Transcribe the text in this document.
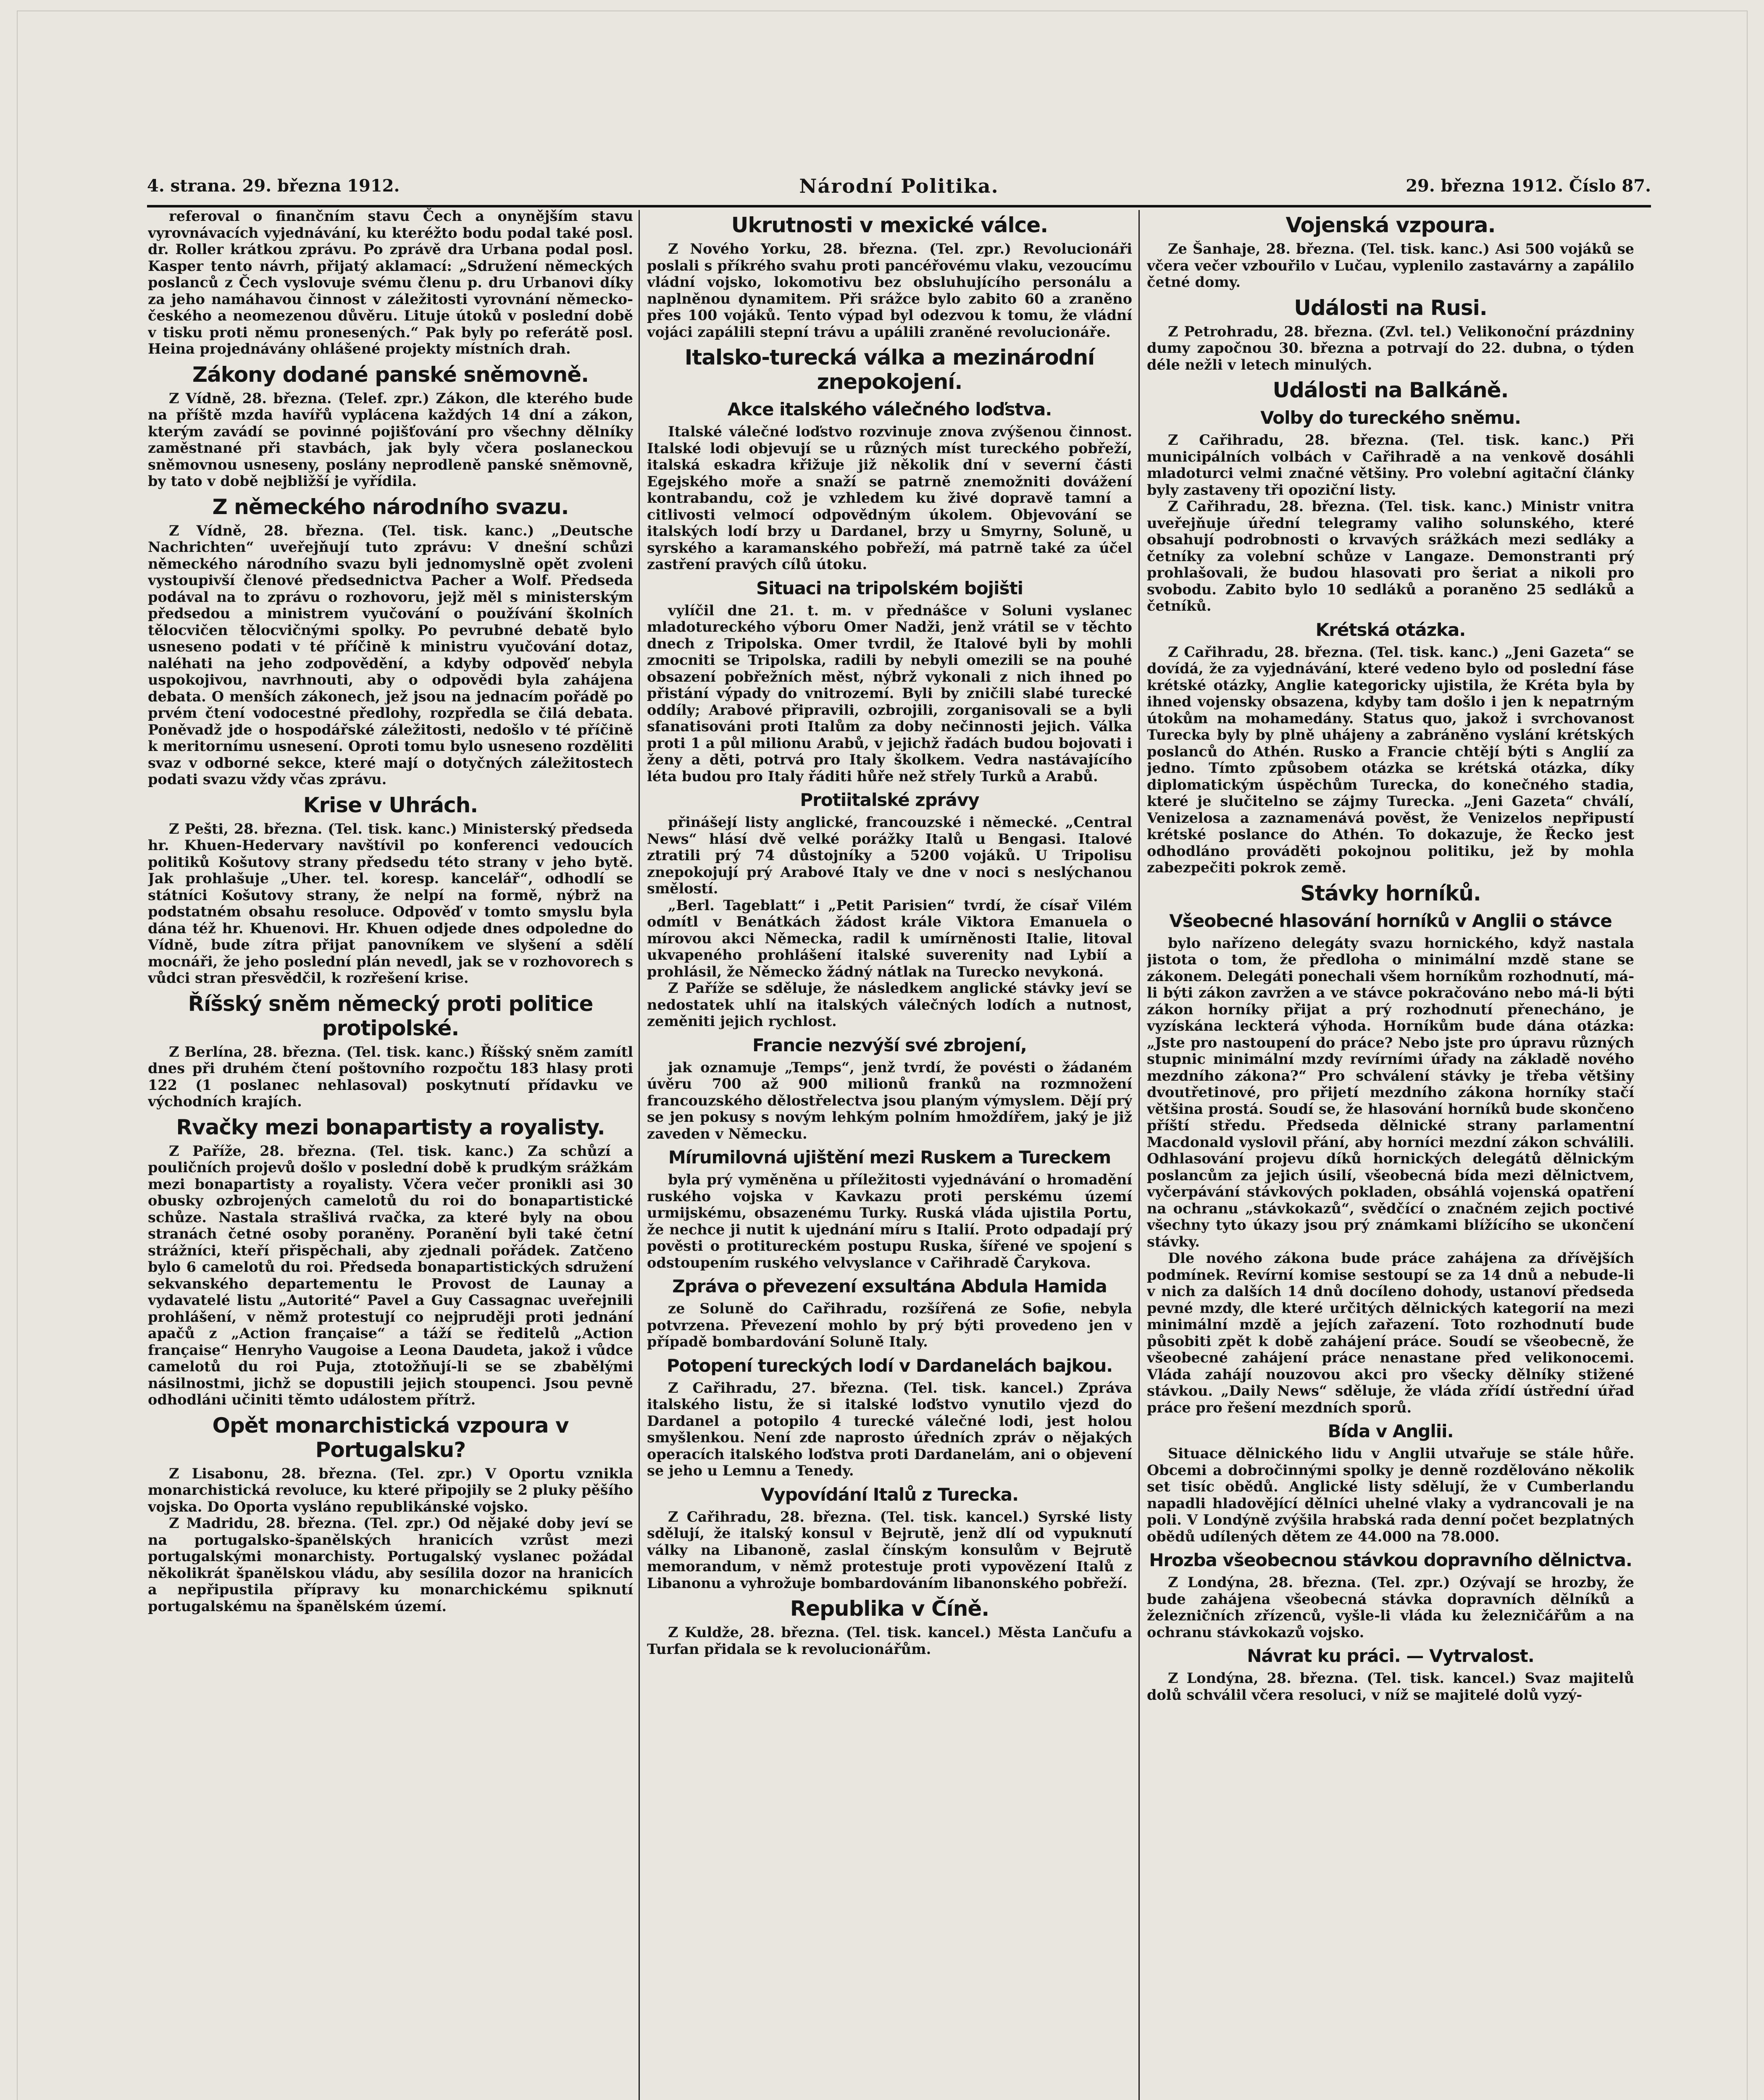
4. strana. 29. března 1912.	Národní Politika.	29. března 1912. Číslo 87.

referoval o finančním stavu Čech a onynějším stavu vyrovnávacích vyjednávání, ku kteréžto bodu podal také posl. dr. Roller krátkou zprávu. Po zprávě dra Urbana podal posl. Kasper tento návrh, přijatý aklamací: „Sdružení německých poslanců z Čech vyslovuje svému členu p. dru Urbanovi díky za jeho namáhavou činnost v záležitosti vyrovnání německo-českého a neomezenou důvěru. Lituje útoků v poslední době v tisku proti němu pronesených.“ Pak byly po referátě posl. Heina projednávány ohlášené projekty místních drah.

Zákony dodané panské sněmovně.

Z Vídně, 28. března. (Telef. zpr.) Zákon, dle kterého bude na příště mzda havířů vyplácena každých 14 dní a zákon, kterým zavádí se povinné pojišťování pro všechny dělníky zaměstnané při stavbách, jak byly včera poslaneckou sněmovnou usneseny, poslány neprodleně panské sněmovně, by tato v době nejbližší je vyřídila.

Z německého národního svazu.

Z Vídně, 28. března. (Tel. tisk. kanc.) „Deutsche Nachrichten“ uveřejňují tuto zprávu: V dnešní schůzi německého národního svazu byli jednomyslně opět zvoleni vystoupivší členové předsednictva Pacher a Wolf. Předseda podával na to zprávu o rozhovoru, jejž měl s ministerským předsedou a ministrem vyučování o používání školních tělocvičen tělocvičnými spolky. Po pevrubné debatě bylo usneseno podati v té příčině k ministru vyučování dotaz, naléhati na jeho zodpovědění, a kdyby odpověď nebyla uspokojivou, navrhnouti, aby o odpovědi byla zahájena debata. O menších zákonech, jež jsou na jednacím pořádě po prvém čtení vodocestné předlohy, rozpředla se čilá debata. Poněvadž jde o hospodářské záležitosti, nedošlo v té příčině k meritornímu usnesení. Oproti tomu bylo usneseno rozděliti svaz v odborné sekce, které mají o dotyčných záležitostech podati svazu vždy včas zprávu.

Krise v Uhrách.

Z Pešti, 28. března. (Tel. tisk. kanc.) Ministerský předseda hr. Khuen-Hedervary navštívil po konferenci vedoucích politiků Košutovy strany předsedu této strany v jeho bytě. Jak prohlašuje „Uher. tel. koresp. kancelář“, odhodlí se státníci Košutovy strany, že nelpí na formě, nýbrž na podstatném obsahu resoluce. Odpověď v tomto smyslu byla dána též hr. Khuenovi. Hr. Khuen odjede dnes odpoledne do Vídně, bude zítra přijat panovníkem ve slyšení a sdělí mocnáři, že jeho poslední plán nevedl, jak se v rozhovorech s vůdci stran přesvědčil, k rozřešení krise.

Říšský sněm německý proti politice protipolské.

Z Berlína, 28. března. (Tel. tisk. kanc.) Říšský sněm zamítl dnes při druhém čtení poštovního rozpočtu 183 hlasy proti 122 (1 poslanec nehlasoval) poskytnutí přídavku ve východních krajích.

Rvačky mezi bonapartisty a royalisty.

Z Paříže, 28. března. (Tel. tisk. kanc.) Za schůzí a pouličních projevů došlo v poslední době k prudkým srážkám mezi bonapartisty a royalisty. Včera večer pronikli asi 30 obusky ozbrojených camelotů du roi do bonapartistické schůze. Nastala strašlivá rvačka, za které byly na obou stranách četné osoby poraněny. Poranění byli také četní strážníci, kteří přispěchali, aby zjednali pořádek. Zatčeno bylo 6 camelotů du roi. Předseda bonapartistických sdružení sekvanského departementu le Provost de Launay a vydavatelé listu „Autorité“ Pavel a Guy Cassagnac uveřejnili prohlášení, v němž protestují co nejpruději proti jednání apačů z „Action française“ a táží se ředitelů „Action française“ Henryho Vaugoise a Leona Daudeta, jakož i vůdce camelotů du roi Puja, ztotožňují-li se se zbabělými násilnostmi, jichž se dopustili jejich stoupenci. Jsou pevně odhodláni učiniti těmto událostem přítrž.

Opět monarchistická vzpoura v Portugalsku?

Z Lisabonu, 28. března. (Tel. zpr.) V Oportu vznikla monarchistická revoluce, ku které připojily se 2 pluky pěšího vojska. Do Oporta vysláno republikánské vojsko.

Z Madridu, 28. března. (Tel. zpr.) Od nějaké doby jeví se na portugalsko-španělských hranicích vzrůst mezi portugalskými monarchisty. Portugalský vyslanec požádal několikrát španělskou vládu, aby sesílila dozor na hranicích a nepřipustila přípravy ku monarchickému spiknutí portugalskému na španělském území.

Ukrutnosti v mexické válce.

Z Nového Yorku, 28. března. (Tel. zpr.) Revolucionáři poslali s příkrého svahu proti pancéřovému vlaku, vezoucímu vládní vojsko, lokomotivu bez obsluhujícího personálu a naplněnou dynamitem. Při srážce bylo zabito 60 a zraněno přes 100 vojáků. Tento výpad byl odezvou k tomu, že vládní vojáci zapálili stepní trávu a upálili zraněné revolucionáře.

Italsko-turecká válka a mezinárodní znepokojení.
Akce italského válečného loďstva.

Italské válečné loďstvo rozvinuje znova zvýšenou činnost. Italské lodi objevují se u různých míst tureckého pobřeží, italská eskadra křižuje již několik dní v severní části Egejského moře a snaží se patrně znemožniti dovážení kontrabandu, což je vzhledem ku živé dopravě tamní a citlivosti velmocí odpovědným úkolem. Objevování se italských lodí brzy u Dardanel, brzy u Smyrny, Soluně, u syrského a karamanského pobřeží, má patrně také za účel zastření pravých cílů útoku.

Situaci na tripolském bojišti

vylíčil dne 21. t. m. v přednášce v Soluni vyslanec mladotureckého výboru Omer Nadži, jenž vrátil se v těchto dnech z Tripolska. Omer tvrdil, že Italové byli by mohli zmocniti se Tripolska, radili by nebyli omezili se na pouhé obsazení pobřežních měst, nýbrž vykonali z nich ihned po přistání výpady do vnitrozemí. Byli by zničili slabé turecké oddíly; Arabové připravili, ozbrojili, zorganisovali se a byli sfanatisováni proti Italům za doby nečinnosti jejich. Válka proti 1 a půl milionu Arabů, v jejichž řadách budou bojovati i ženy a děti, potrvá pro Italy školkem. Vedra nastávajícího léta budou pro Italy řáditi hůře než střely Turků a Arabů.

Protiitalské zprávy

přinášejí listy anglické, francouzské i německé. „Central News“ hlásí dvě velké porážky Italů u Bengasi. Italové ztratili prý 74 důstojníky a 5200 vojáků. U Tripolisu znepokojují prý Arabové Italy ve dne v noci s neslýchanou smělostí.

„Berl. Tageblatt“ i „Petit Parisien“ tvrdí, že císař Vilém odmítl v Benátkách žádost krále Viktora Emanuela o mírovou akci Německa, radil k umírněnosti Italie, litoval ukvapeného prohlášení italské suverenity nad Lybií a prohlásil, že Německo žádný nátlak na Turecko nevykoná.

Z Paříže se sděluje, že následkem anglické stávky jeví se nedostatek uhlí na italských válečných lodích a nutnost, zeměniti jejich rychlost.

Francie nezvýší své zbrojení,

jak oznamuje „Temps“, jenž tvrdí, že povésti o žádaném úvěru 700 až 900 milionů franků na rozmnožení francouzského dělostřelectva jsou planým výmyslem. Dějí prý se jen pokusy s novým lehkým polním hmoždířem, jaký je již zaveden v Německu.

Mírumilovná ujištění mezi Ruskem a Tureckem

byla prý vyměněna u příležitosti vyjednávání o hromadění ruského vojska v Kavkazu proti perskému území urmijskému, obsazenému Turky. Ruská vláda ujistila Portu, že nechce ji nutit k ujednání míru s Italií. Proto odpadají prý pověsti o protitureckém postupu Ruska, šířené ve spojení s odstoupením ruského velvyslance v Cařihradě Čarykova.

Zpráva o převezení exsultána Abdula Hamida

ze Soluně do Cařihradu, rozšířená ze Sofie, nebyla potvrzena. Převezení mohlo by prý býti provedeno jen v případě bombardování Soluně Italy.

Potopení tureckých lodí v Dardanelách bajkou.

Z Cařihradu, 27. března. (Tel. tisk. kancel.) Zpráva italského listu, že si italské loďstvo vynutilo vjezd do Dardanel a potopilo 4 turecké válečné lodi, jest holou smyšlenkou. Není zde naprosto úředních zpráv o nějakých operacích italského loďstva proti Dardanelám, ani o objevení se jeho u Lemnu a Tenedy.

Vypovídání Italů z Turecka.

Z Cařihradu, 28. března. (Tel. tisk. kancel.) Syrské listy sdělují, že italský konsul v Bejrutě, jenž dlí od vypuknutí války na Libanoně, zaslal čínským konsulům v Bejrutě memorandum, v němž protestuje proti vypovězení Italů z Libanonu a vyhrožuje bombardováním libanonského pobřeží.

Republika v Číně.

Z Kuldže, 28. března. (Tel. tisk. kancel.) Města Lančufu a Turfan přidala se k revolucionářům.

Vojenská vzpoura.

Ze Šanhaje, 28. března. (Tel. tisk. kanc.) Asi 500 vojáků se včera večer vzbouřilo v Lučau, vyplenilo zastavárny a zapálilo četné domy.

Události na Rusi.

Z Petrohradu, 28. března. (Zvl. tel.) Velikonoční prázdniny dumy započnou 30. března a potrvají do 22. dubna, o týden déle nežli v letech minulých.

Události na Balkáně.
Volby do tureckého sněmu.

Z Cařihradu, 28. března. (Tel. tisk. kanc.) Při municipálních volbách v Cařihradě a na venkově dosáhli mladoturci velmi značné většiny. Pro volební agitační články byly zastaveny tři opoziční listy.

Z Cařihradu, 28. března. (Tel. tisk. kanc.) Ministr vnitra uveřejňuje úřední telegramy valiho solunského, které obsahují podrobnosti o krvavých srážkách mezi sedláky a četníky za volební schůze v Langaze. Demonstranti prý prohlašovali, že budou hlasovati pro šeriat a nikoli pro svobodu. Zabito bylo 10 sedláků a poraněno 25 sedláků a četníků.

Krétská otázka.

Z Cařihradu, 28. března. (Tel. tisk. kanc.) „Jeni Gazeta“ se dovídá, že za vyjednávání, které vedeno bylo od poslední fáse krétské otázky, Anglie kategoricky ujistila, že Kréta byla by ihned vojensky obsazena, kdyby tam došlo i jen k nepatrným útokům na mohamedány. Status quo, jakož i svrchovanost Turecka byly by plně uhájeny a zabráněno vyslání krétských poslanců do Athén. Rusko a Francie chtějí býti s Anglií za jedno. Tímto způsobem otázka se krétská otázka, díky diplomatickým úspěchům Turecka, do konečného stadia, které je slučitelno se zájmy Turecka. „Jeni Gazeta“ chválí, Venizelosa a zaznamenává pověst, že Venizelos nepřipustí krétské poslance do Athén. To dokazuje, že Řecko jest odhodláno prováděti pokojnou politiku, jež by mohla zabezpečiti pokrok země.

Stávky horníků.
Všeobecné hlasování horníků v Anglii o stávce

bylo nařízeno delegáty svazu hornického, když nastala jistota o tom, že předloha o minimální mzdě stane se zákonem. Delegáti ponechali všem horníkům rozhodnutí, má-li býti zákon zavržen a ve stávce pokračováno nebo má-li býti zákon horníky přijat a prý rozhodnutí přenecháno, je vyzískána leckterá výhoda. Horníkům bude dána otázka: „Jste pro nastoupení do práce? Nebo jste pro úpravu různých stupnic minimální mzdy revírními úřady na základě nového mezdního zákona?“ Pro schválení stávky je třeba většiny dvoutřetinové, pro přijetí mezdního zákona horníky stačí většina prostá. Soudí se, že hlasování horníků bude skončeno příští středu. Předseda dělnické strany parlamentní Macdonald vyslovil přání, aby horníci mezdní zákon schválili. Odhlasování projevu díků hornických delegátů dělnickým poslancům za jejich úsilí, všeobecná bída mezi dělnictvem, vyčerpávání stávkových pokladen, obsáhlá vojenská opatření na ochranu „stávkokazů“, svědčící o značném zejich poctivé všechny tyto úkazy jsou prý známkami blížícího se ukončení stávky.

Dle nového zákona bude práce zahájena za dřívějších podmínek. Revírní komise sestoupí se za 14 dnů a nebude-li v nich za dalších 14 dnů docíleno dohody, ustanoví předseda pevné mzdy, dle které určitých dělnických kategorií na mezi minimální mzdě a jejích zařazení. Toto rozhodnutí bude působiti zpět k době zahájení práce. Soudí se všeobecně, že všeobecné zahájení práce nenastane před velikonocemi. Vláda zahájí nouzovou akci pro všecky dělníky stižené stávkou. „Daily News“ sděluje, že vláda zřídí ústřední úřad práce pro řešení mezdních sporů.

Bída v Anglii.

Situace dělnického lidu v Anglii utvařuje se stále hůře. Obcemi a dobročinnými spolky je denně rozdělováno několik set tisíc obědů. Anglické listy sdělují, že v Cumberlandu napadli hladovějící dělníci uhelné vlaky a vydrancovali je na poli. V Londýně zvýšila hrabská rada denní počet bezplatných obědů udílených dětem ze 44.000 na 78.000.

Hrozba všeobecnou stávkou dopravního dělnictva.

Z Londýna, 28. března. (Tel. zpr.) Ozývají se hrozby, že bude zahájena všeobecná stávka dopravních dělníků a železničních zřízenců, vyšle-li vláda ku železničářům a na ochranu stávkokazů vojsko.

Návrat ku práci. — Vytrvalost.

Z Londýna, 28. března. (Tel. tisk. kancel.) Svaz majitelů dolů schválil včera resoluci, v níž se majitelé dolů vyzý-
